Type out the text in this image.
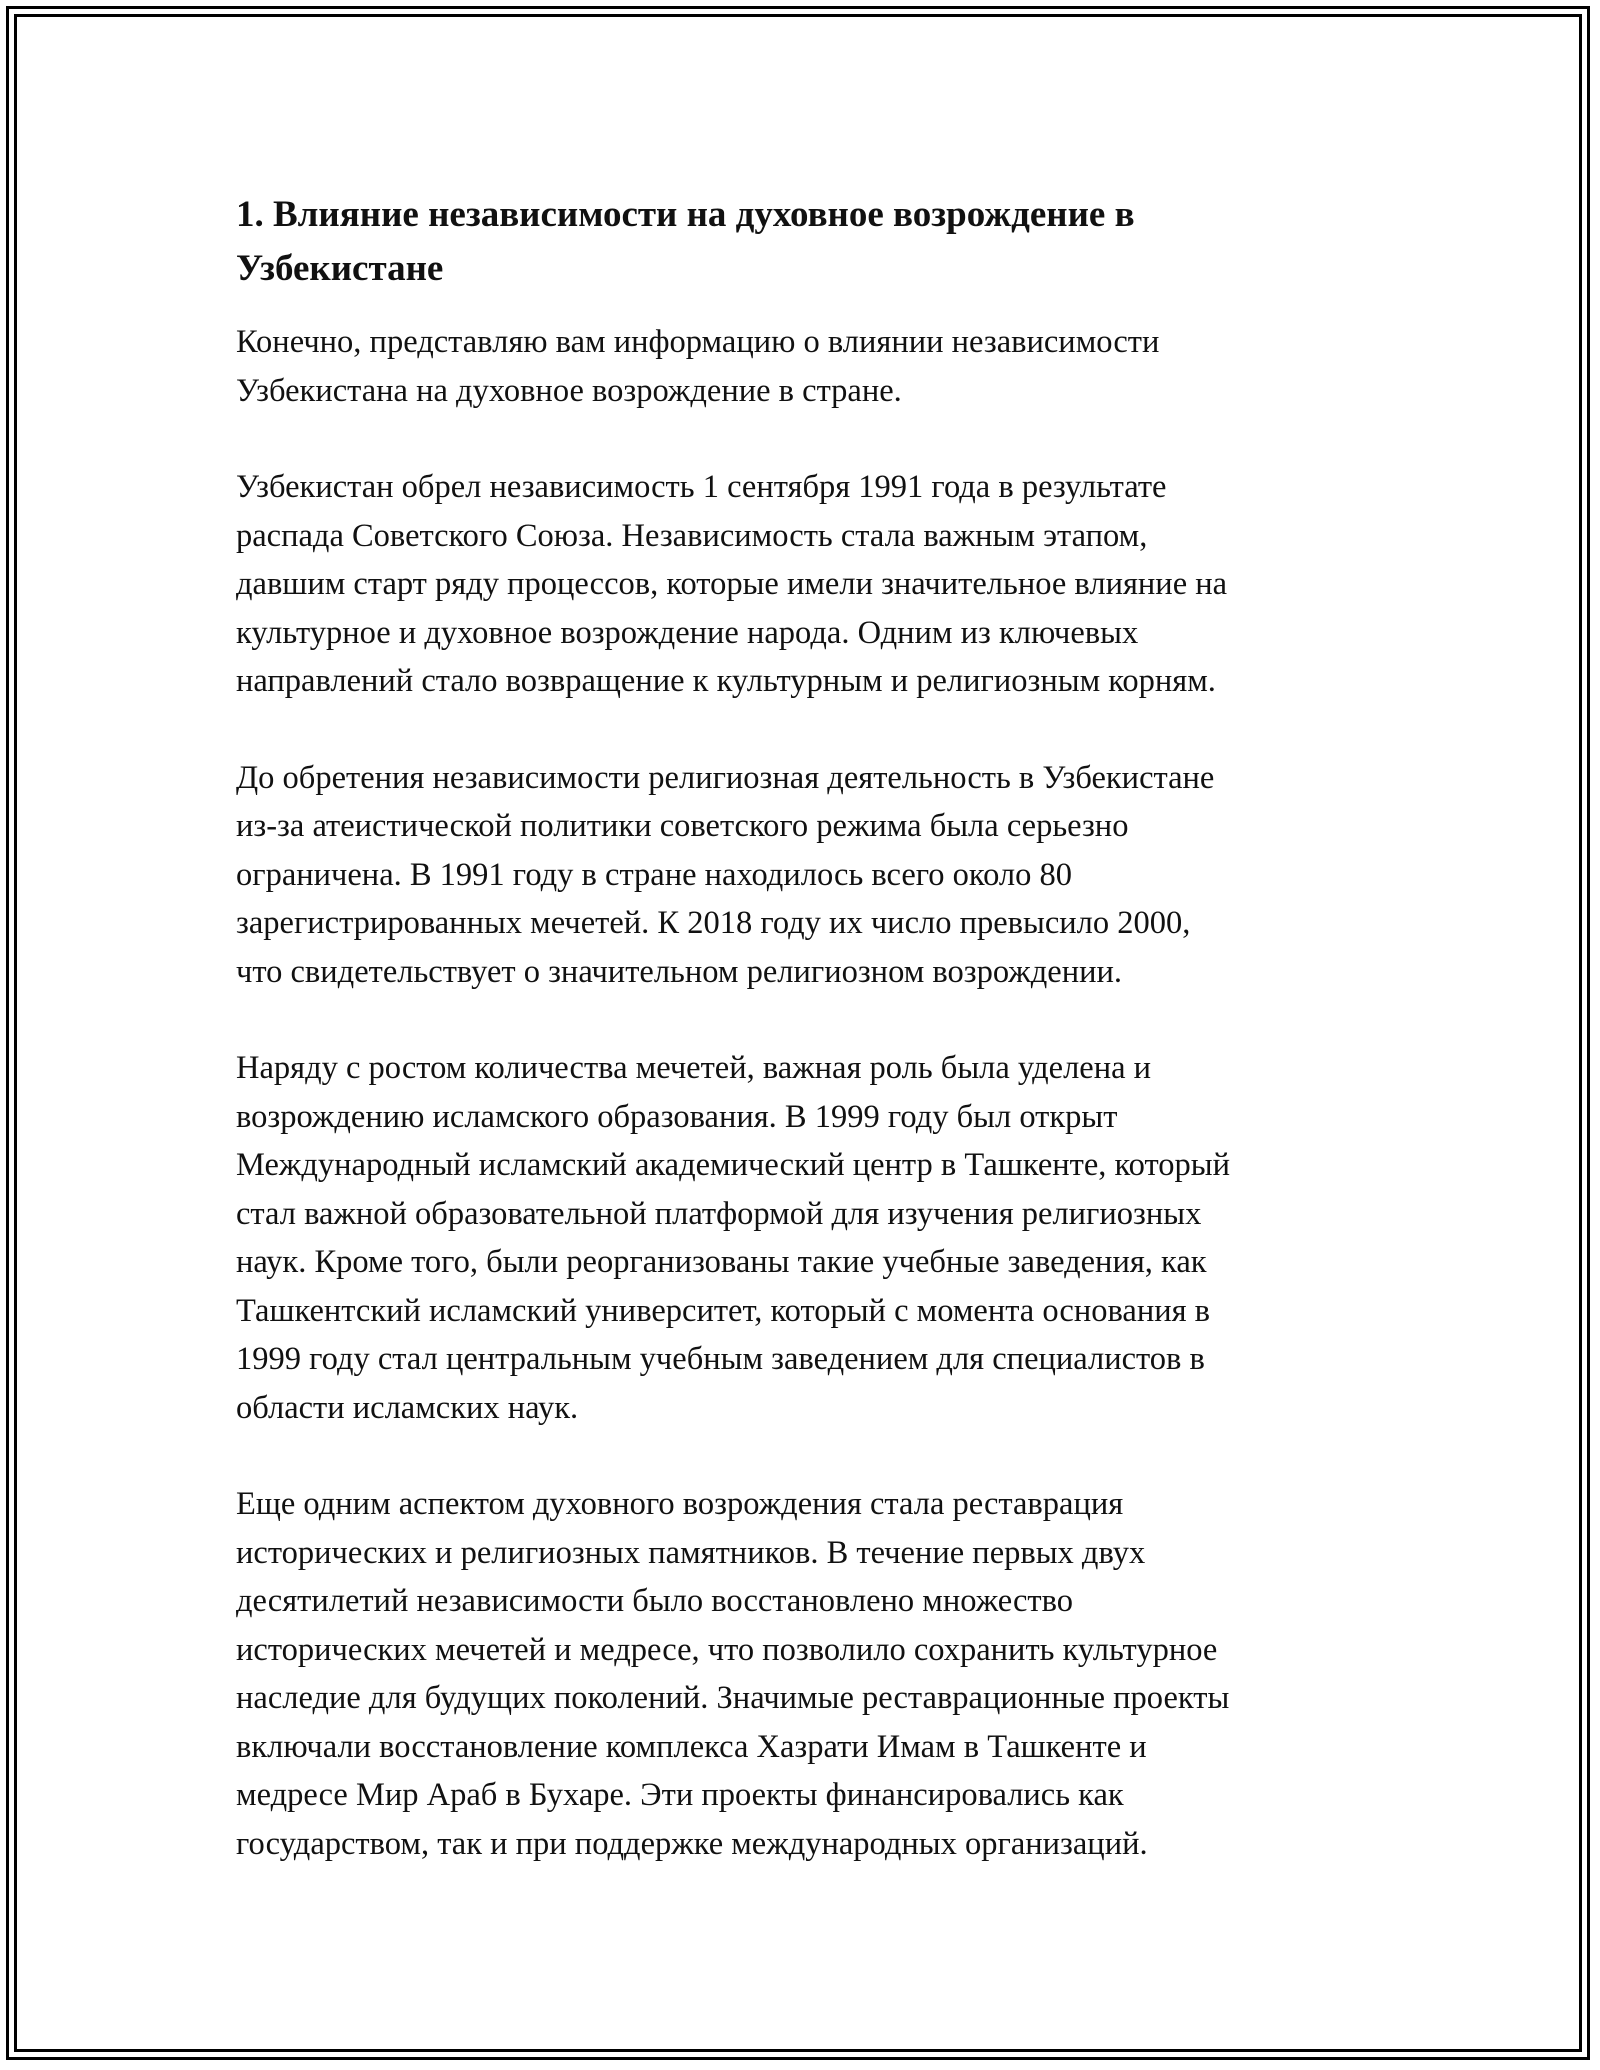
1. Влияние независимости на духовное возрождение в
Узбекистане

Конечно, представляю вам информацию о влиянии независимости
Узбекистана на духовное возрождение в стране.

Узбекистан обрел независимость 1 сентября 1991 года в результате
распада Советского Союза. Независимость стала важным этапом,
давшим старт ряду процессов, которые имели значительное влияние на
культурное и духовное возрождение народа. Одним из ключевых
направлений стало возвращение к культурным и религиозным корням.

До обретения независимости религиозная деятельность в Узбекистане
из-за атеистической политики советского режима была серьезно
ограничена. В 1991 году в стране находилось всего около 80
зарегистрированных мечетей. К 2018 году их число превысило 2000,
что свидетельствует о значительном религиозном возрождении.

Наряду с ростом количества мечетей, важная роль была уделена и
возрождению исламского образования. В 1999 году был открыт
Международный исламский академический центр в Ташкенте, который
стал важной образовательной платформой для изучения религиозных
наук. Кроме того, были реорганизованы такие учебные заведения, как
Ташкентский исламский университет, который с момента основания в
1999 году стал центральным учебным заведением для специалистов в
области исламских наук.

Еще одним аспектом духовного возрождения стала реставрация
исторических и религиозных памятников. В течение первых двух
десятилетий независимости было восстановлено множество
исторических мечетей и медресе, что позволило сохранить культурное
наследие для будущих поколений. Значимые реставрационные проекты
включали восстановление комплекса Хазрати Имам в Ташкенте и
медресе Мир Араб в Бухаре. Эти проекты финансировались как
государством, так и при поддержке международных организаций.
